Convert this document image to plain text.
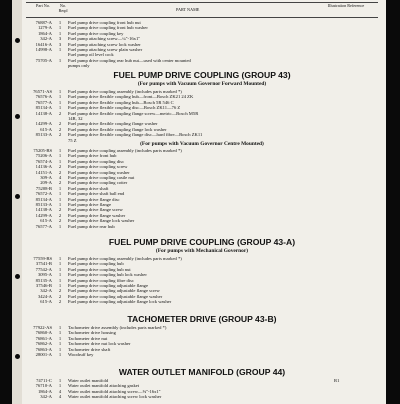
Part No.	No. Reqd	PART NAME
Illustration Reference
76887-A	1	Fuel pump drive coupling front hub nut
1279-A	1	Fuel pump drive coupling front hub washer
1864-A	1	Fuel pump drive coupling key
342-A	3	Fuel pump attaching screw—¼"-16x1"
16416-A	3	Fuel pump attaching screw lock washer
14998-A	1	Fuel pump attaching screw plain washer
Fuel pump oil level cock
75705-A	1	Fuel pump drive coupling rear hub nut—used with center mounted
pumps only
FUEL PUMP DRIVE COUPLING (GROUP 43)
(For pumps with Vacuum Governor Forward Mounted)
76571-AS	1	Fuel pump drive coupling assembly (includes parts marked *)
76576-A	1	Fuel pump drive flexible coupling hub—front—Bosch ZK21 24 ZK
76577-A	1	Fuel pump drive flexible coupling hub—Bosch 5R 546 C
85134-A	1	Fuel pump drive flexible coupling disc—Bosch ZK11—76 Z
14138-A	2	Fuel pump drive flexible coupling flange screw—metric—Bosch M5R
14R, 32
14299-A	2	Fuel pump drive flexible coupling flange washer
615-A	2	Fuel pump drive flexible coupling flange lock washer
85133-A	2	Fuel pump drive flexible coupling flange disc—hard fibre—Bosch ZK11
75 Z
(For pumps with Vacuum Governor Centre Mounted)
75205-BS	1	Fuel pump drive coupling assembly (includes parts marked *)
75206-A	1	Fuel pump drive front hub
76574-A	1	Fuel pump drive coupling disc
14136-A	2	Fuel pump drive coupling screw
14151-A	2	Fuel pump drive coupling washer
309-A	4	Fuel pump drive coupling castle nut
209-A	2	Fuel pump drive coupling cotter
75208-B	1	Fuel pump drive shaft
76572-A	1	Fuel pump drive shaft ball end
85134-A	1	Fuel pump drive flange disc
85133-A	1	Fuel pump drive flange
14138-A	2	Fuel pump drive flange screw
14299-A	2	Fuel pump drive flange washer
615-A	2	Fuel pump drive flange lock washer
76577-A	1	Fuel pump drive rear hub
FUEL PUMP DRIVE COUPLING (GROUP 43-A)
(For pumps with Mechanical Governor)
77559-BS	1	Fuel pump drive coupling assembly (includes parts marked *)
37541-B	1	Fuel pump drive coupling hub
77542-A	1	Fuel pump drive coupling hub nut
3095-A	1	Fuel pump drive coupling hub lock washer
85135-A	1	Fuel pump drive coupling fibre disc
37546-B	1	Fuel pump drive coupling adjustable flange
342-A	2	Fuel pump drive coupling adjustable flange screw
3424-A	2	Fuel pump drive coupling adjustable flange washer
615-A	2	Fuel pump drive coupling adjustable flange lock washer
TACHOMETER DRIVE (GROUP 43-B)
77922-AS	1	Tachometer drive assembly (includes parts marked *)
76860-A	1	Tachometer drive housing
76861-A	1	Tachometer drive nut
76862-A	1	Tachometer drive nut lock washer
76863-A	1	Tachometer drive shaft
28001-A	1	Woodruff key
WATER OUTLET MANIFOLD (GROUP 44)
74711-C	1	Water outlet manifold	R1
76710-A	1	Water outlet manifold attaching gasket
1864-A	4	Water outlet manifold attaching screw—⅜"-16x1"
342-A	4	Water outlet manifold attaching screw lock washer
